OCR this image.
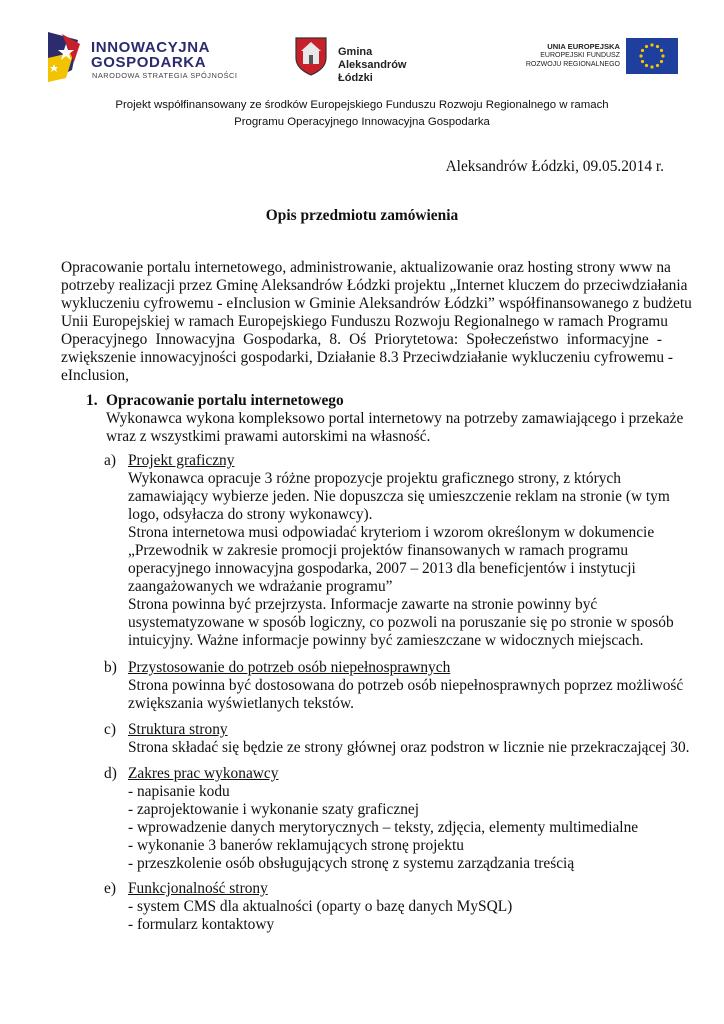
INNOWACYJNA
GOSPODARKA
NARODOWA STRATEGIA SPÓJNOŚCI
Gmina
Aleksandrów Łódzki
UNIA EUROPEJSKA
EUROPEJSKI FUNDUSZ
ROZWOJU REGIONALNEGO
Projekt współfinansowany ze środków Europejskiego Funduszu Rozwoju Regionalnego w ramach
Programu Operacyjnego Innowacyjna Gospodarka
Aleksandrów Łódzki, 09.05.2014 r.
Opis przedmiotu zamówienia
Opracowanie portalu internetowego, administrowanie, aktualizowanie oraz hosting strony www na
potrzeby realizacji przez Gminę Aleksandrów Łódzki projektu „Internet kluczem do przeciwdziałania
wykluczeniu cyfrowemu - eInclusion w Gminie Aleksandrów Łódzki” współfinansowanego z budżetu
Unii Europejskiej w ramach Europejskiego Funduszu Rozwoju Regionalnego w ramach Programu
Operacyjnego Innowacyjna Gospodarka, 8. Oś Priorytetowa: Społeczeństwo informacyjne -
zwiększenie innowacyjności gospodarki, Działanie 8.3 Przeciwdziałanie wykluczeniu cyfrowemu -
eInclusion,
1. Opracowanie portalu internetowego
Wykonawca wykona kompleksowo portal internetowy na potrzeby zamawiającego i przekaże
wraz z wszystkimi prawami autorskimi na własność.
a) Projekt graficzny
Wykonawca opracuje 3 różne propozycje projektu graficznego strony, z których
zamawiający wybierze jeden. Nie dopuszcza się umieszczenie reklam na stronie (w tym
logo, odsyłacza do strony wykonawcy).
Strona internetowa musi odpowiadać kryteriom i wzorom określonym w dokumencie
„Przewodnik w zakresie promocji projektów finansowanych w ramach programu
operacyjnego innowacyjna gospodarka, 2007 – 2013 dla beneficjentów i instytucji
zaangażowanych we wdrażanie programu”
Strona powinna być przejrzysta. Informacje zawarte na stronie powinny być
usystematyzowane w sposób logiczny, co pozwoli na poruszanie się po stronie w sposób
intuicyjny. Ważne informacje powinny być zamieszczane w widocznych miejscach.
b) Przystosowanie do potrzeb osób niepełnosprawnych
Strona powinna być dostosowana do potrzeb osób niepełnosprawnych poprzez możliwość
zwiększania wyświetlanych tekstów.
c) Struktura strony
Strona składać się będzie ze strony głównej oraz podstron w licznie nie przekraczającej 30.
d) Zakres prac wykonawcy
- napisanie kodu
- zaprojektowanie i wykonanie szaty graficznej
- wprowadzenie danych merytorycznych – teksty, zdjęcia, elementy multimedialne
- wykonanie 3 banerów reklamujących stronę projektu
- przeszkolenie osób obsługujących stronę z systemu zarządzania treścią
e) Funkcjonalność strony
- system CMS dla aktualności (oparty o bazę danych MySQL)
- formularz kontaktowy
